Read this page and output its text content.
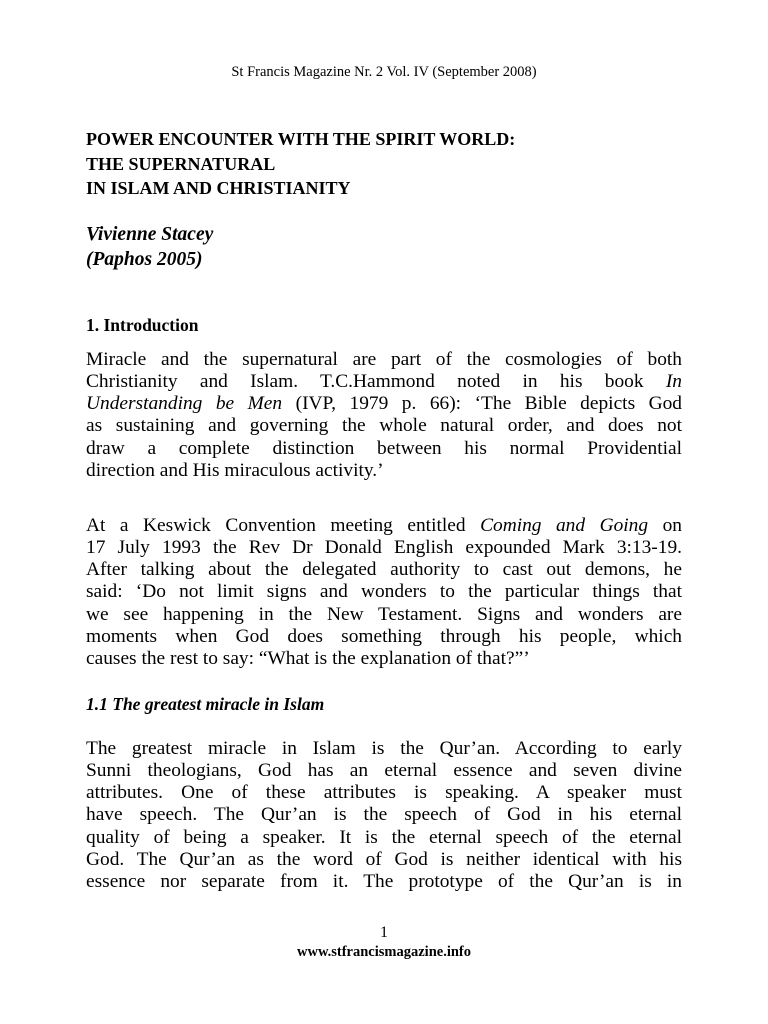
St Francis Magazine Nr. 2 Vol. IV (September 2008)
POWER ENCOUNTER WITH THE SPIRIT WORLD:
THE SUPERNATURAL
IN ISLAM AND CHRISTIANITY
Vivienne Stacey
(Paphos 2005)
1. Introduction
Miracle and the supernatural are part of the cosmologies of both
Christianity and Islam. T.C.Hammond noted in his book In
Understanding be Men (IVP, 1979 p. 66): ‘The Bible depicts God
as sustaining and governing the whole natural order, and does not
draw a complete distinction between his normal Providential
direction and His miraculous activity.’
At a Keswick Convention meeting entitled Coming and Going on
17 July 1993 the Rev Dr Donald English expounded Mark 3:13-19.
After talking about the delegated authority to cast out demons, he
said: ‘Do not limit signs and wonders to the particular things that
we see happening in the New Testament. Signs and wonders are
moments when God does something through his people, which
causes the rest to say: “What is the explanation of that?”’
1.1 The greatest miracle in Islam
The greatest miracle in Islam is the Qur’an. According to early
Sunni theologians, God has an eternal essence and seven divine
attributes. One of these attributes is speaking. A speaker must
have speech. The Qur’an is the speech of God in his eternal
quality of being a speaker. It is the eternal speech of the eternal
God. The Qur’an as the word of God is neither identical with his
essence nor separate from it. The prototype of the Qur’an is in
1
www.stfrancismagazine.info
